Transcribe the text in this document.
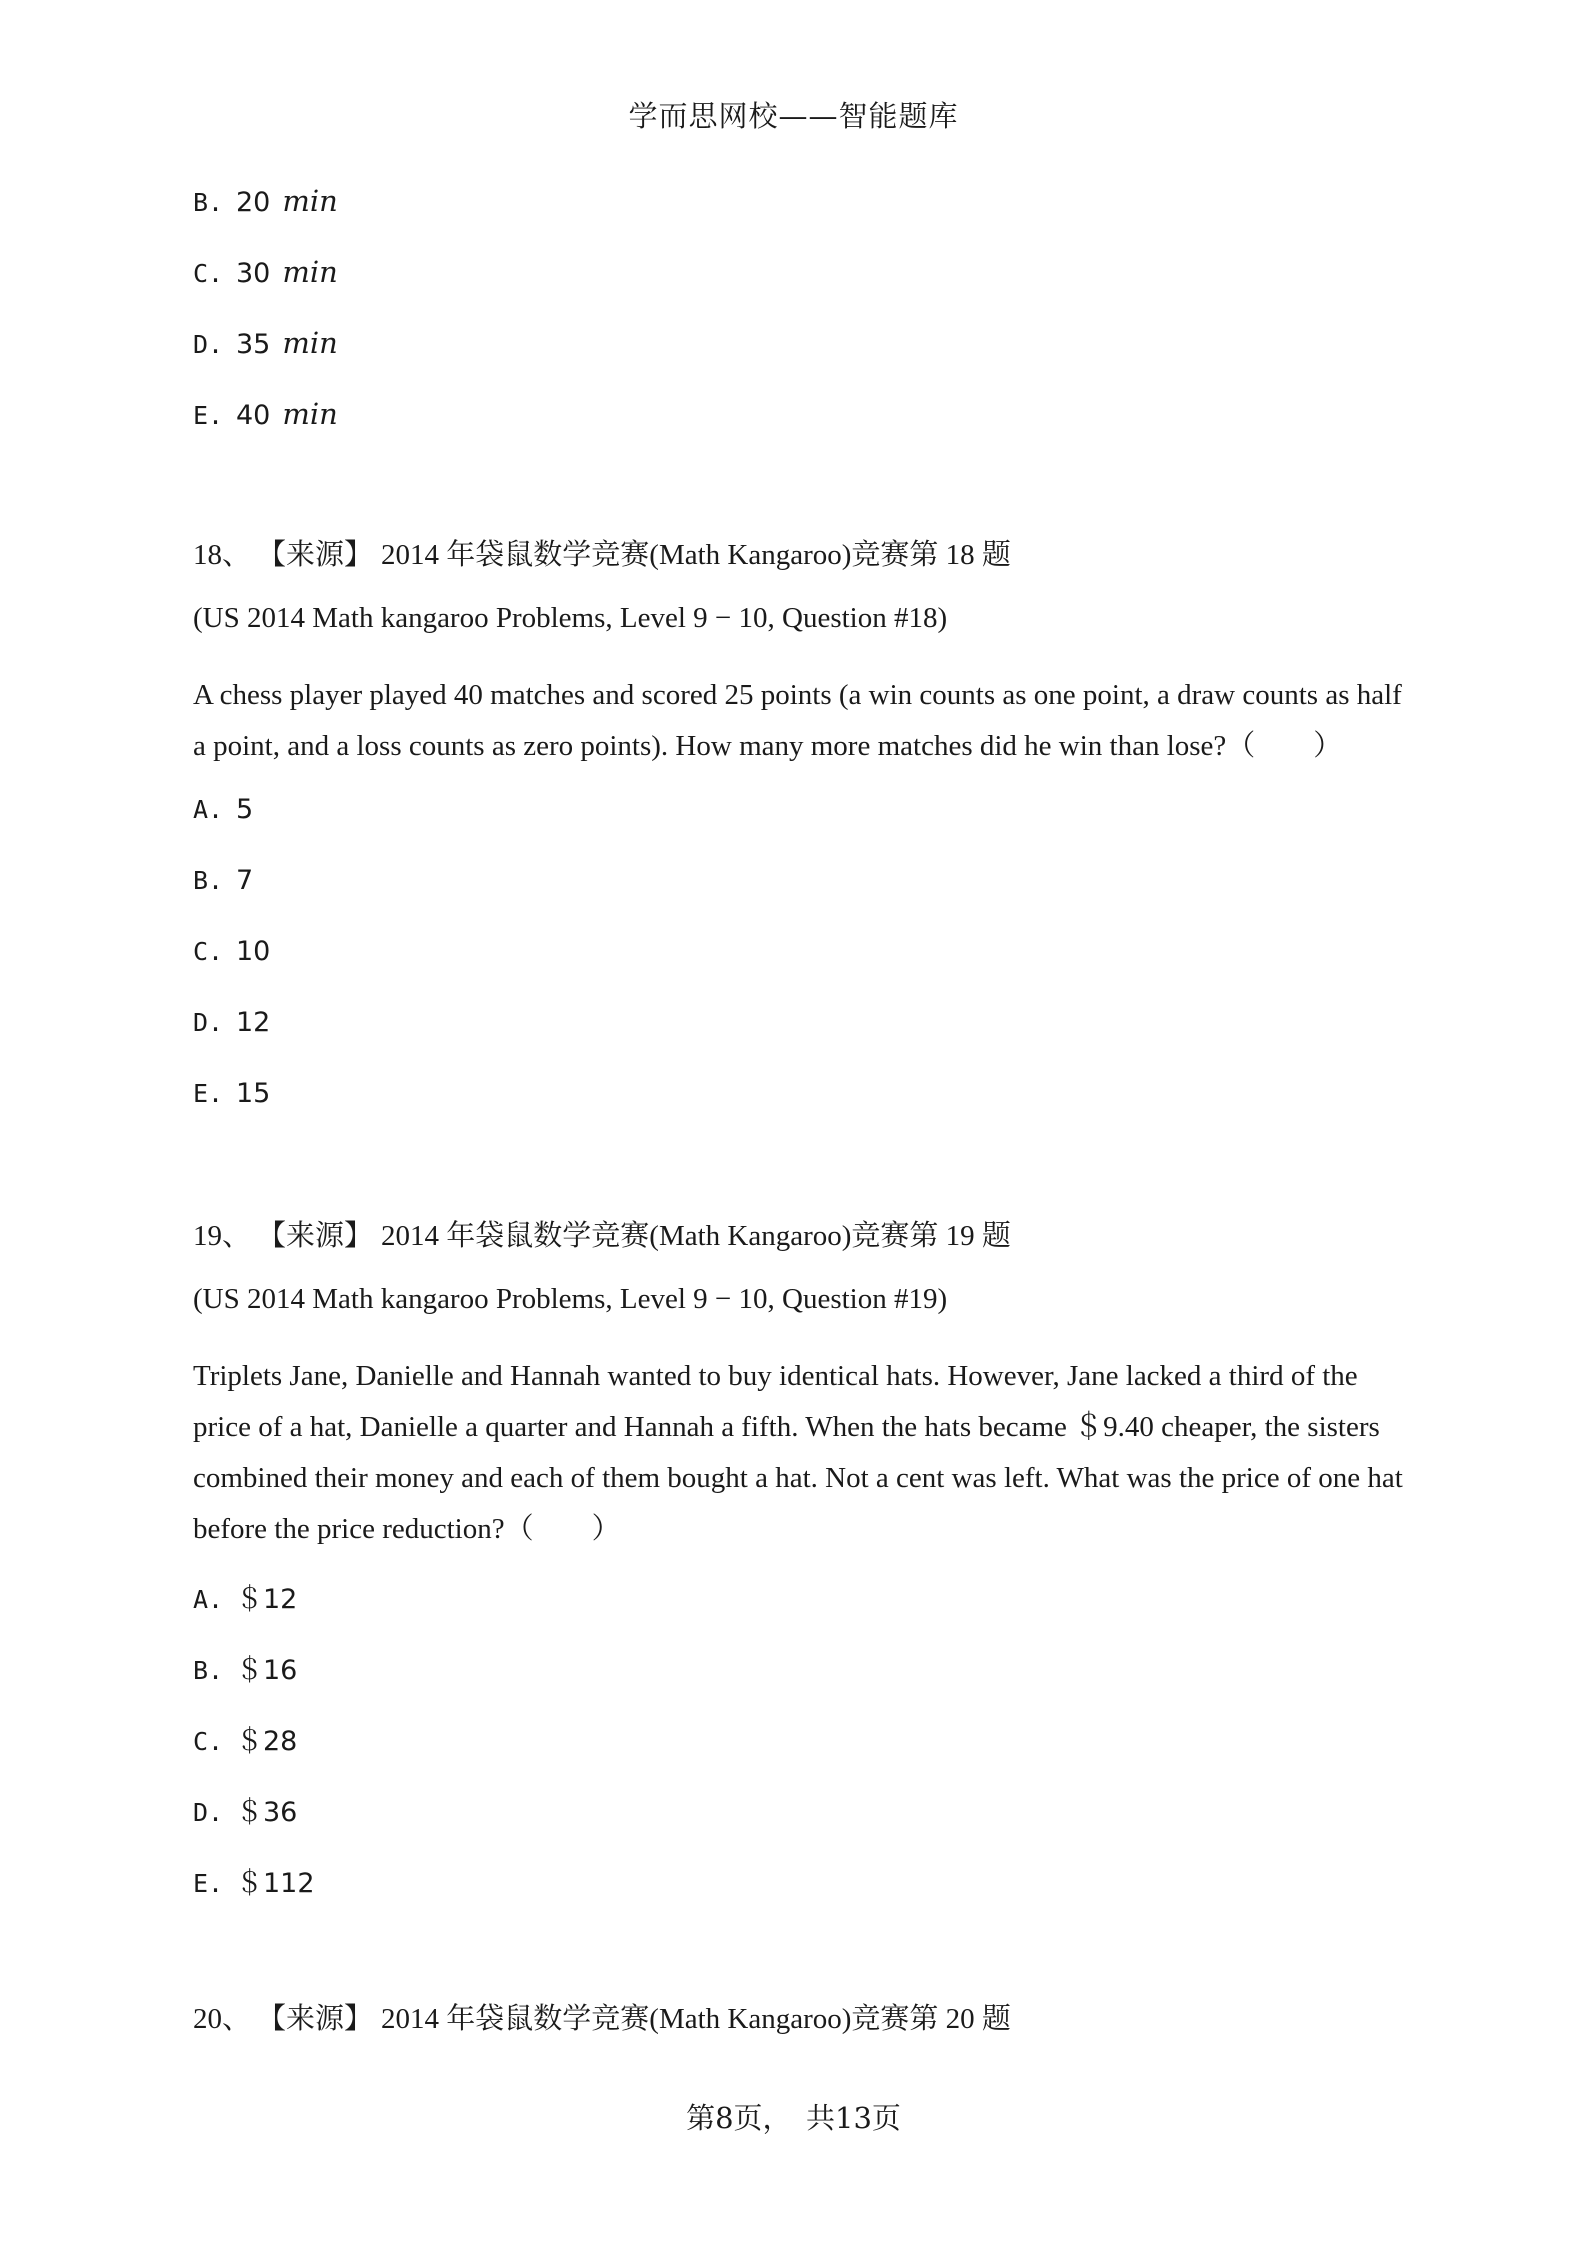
学而思网校——智能题库
B. 20 min
C. 30 min
D. 35 min
E. 40 min
18、 【来源】 2014 年袋鼠数学竞赛(Math Kangaroo)竞赛第 18 题
(US 2014 Math kangaroo Problems, Level 9 − 10, Question #18)
A chess player played 40 matches and scored 25 points (a win counts as one point, a draw counts as half a point, and a loss counts as zero points). How many more matches did he win than lose?（　　）
A. 5
B. 7
C. 10
D. 12
E. 15
19、 【来源】 2014 年袋鼠数学竞赛(Math Kangaroo)竞赛第 19 题
(US 2014 Math kangaroo Problems, Level 9 − 10, Question #19)
Triplets Jane, Danielle and Hannah wanted to buy identical hats. However, Jane lacked a third of the price of a hat, Danielle a quarter and Hannah a fifth. When the hats became ＄9.40 cheaper, the sisters combined their money and each of them bought a hat. Not a cent was left. What was the price of one hat before the price reduction?（　　）
A. ＄12
B. ＄16
C. ＄28
D. ＄36
E. ＄112
20、 【来源】 2014 年袋鼠数学竞赛(Math Kangaroo)竞赛第 20 题
第8页，　共13页
